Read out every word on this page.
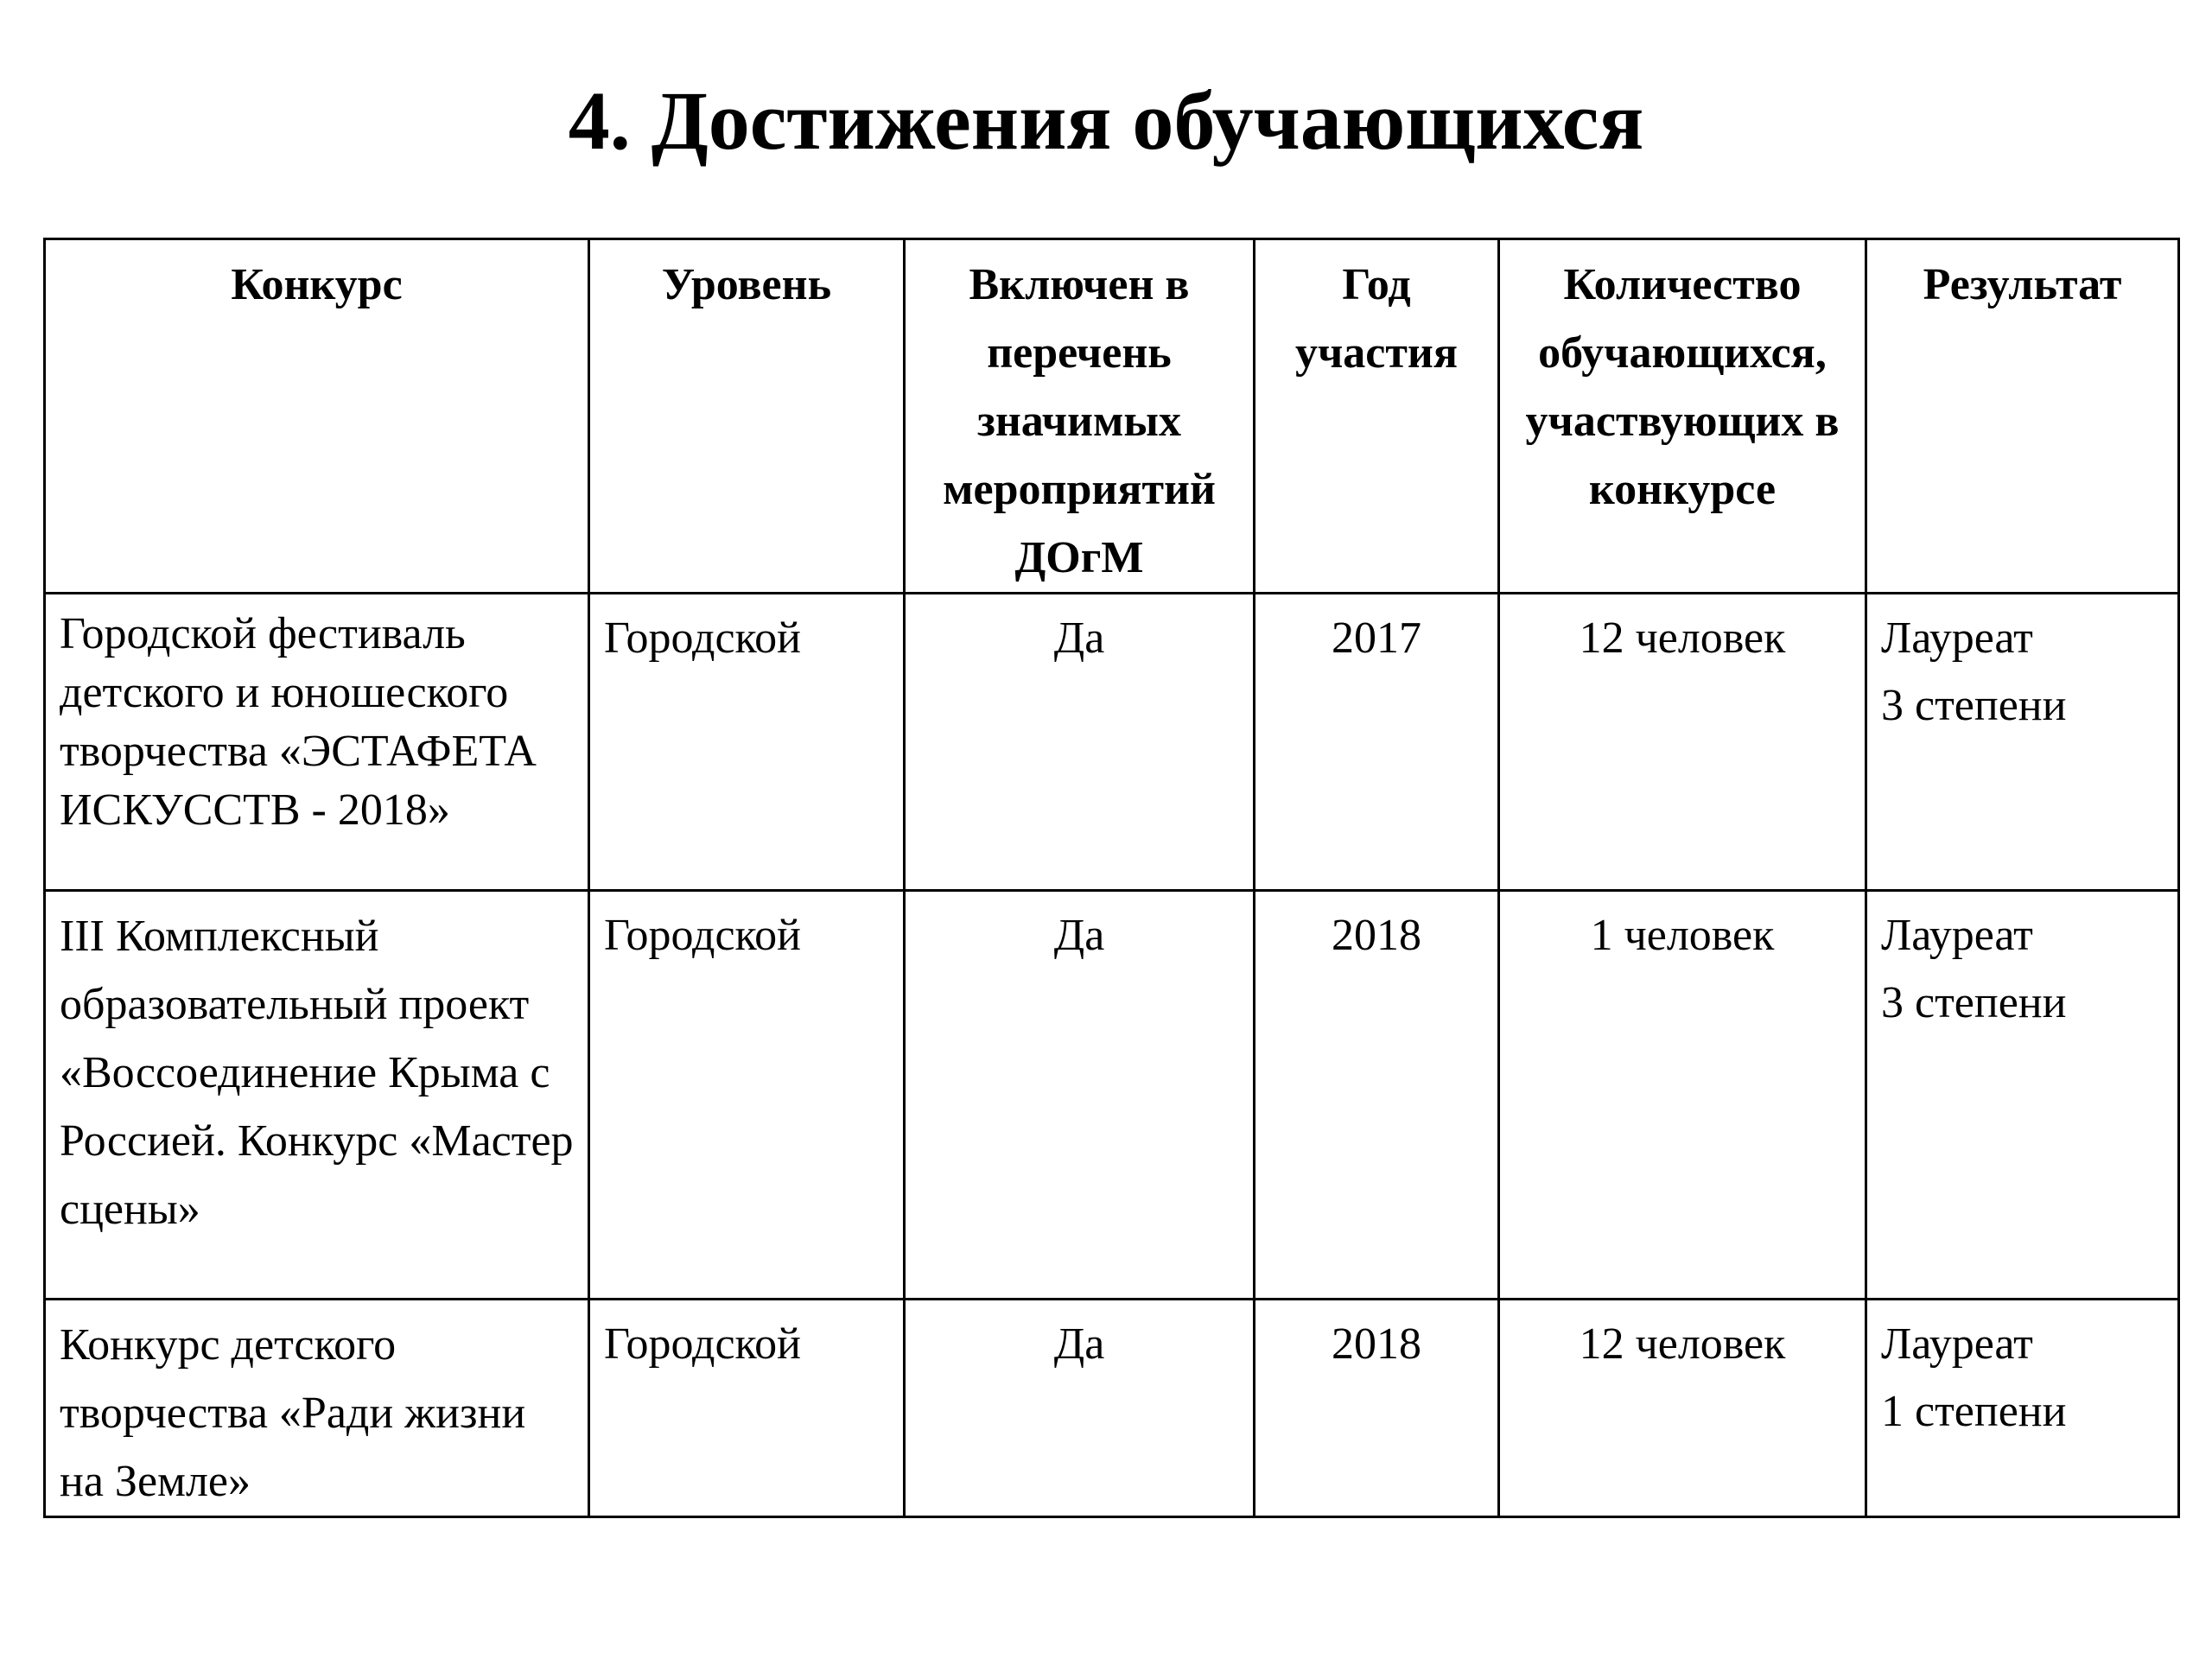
4. Достижения обучающихся
Конкурс	Уровень	Включен в перечень значимых мероприятий ДОгМ	Год участия	Количество обучающихся, участвующих в конкурсе	Результат
Городской фестиваль детского и юношеского творчества «ЭСТАФЕТА ИСКУССТВ - 2018»	Городской	Да	2017	12 человек	Лауреат
3 степени

III Комплексный образовательный проект «Воссоединение Крыма с Россией. Конкурс «Мастер сцены»	Городской	Да	2018	1 человек	Лауреат
3 степени

Конкурс детского творчества «Ради жизни на Земле»	Городской	Да	2018	12 человек	Лауреат
1 степени
